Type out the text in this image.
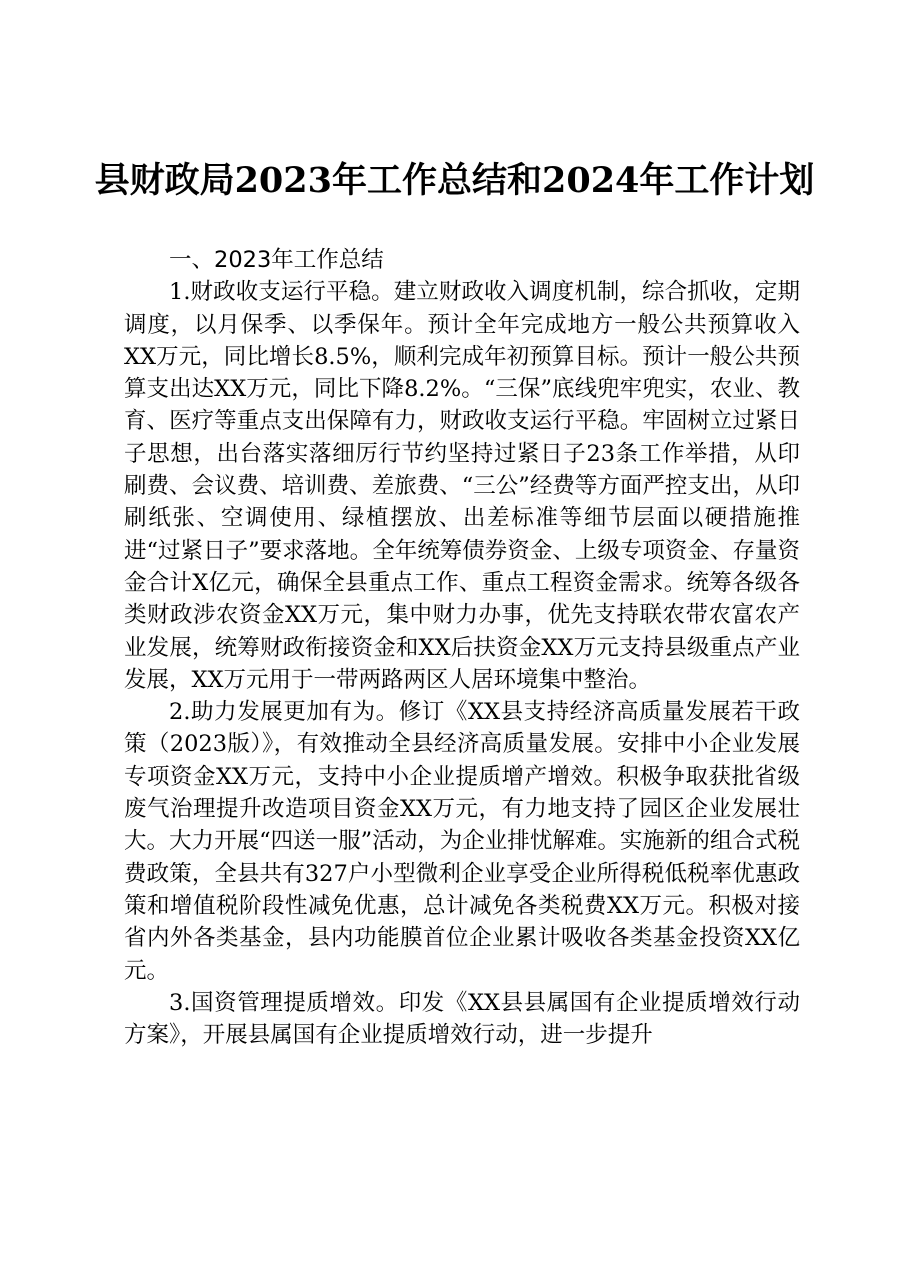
县财政局2023年工作总结和2024年工作计划

一、2023年工作总结

1.财政收支运行平稳。建立财政收入调度机制，综合抓收，定期调度，以月保季、以季保年。预计全年完成地方一般公共预算收入XX万元，同比增长8.5%，顺利完成年初预算目标。预计一般公共预算支出达XX万元，同比下降8.2%。“三保”底线兜牢兜实，农业、教育、医疗等重点支出保障有力，财政收支运行平稳。牢固树立过紧日子思想，出台落实落细厉行节约坚持过紧日子23条工作举措，从印刷费、会议费、培训费、差旅费、“三公”经费等方面严控支出，从印刷纸张、空调使用、绿植摆放、出差标准等细节层面以硬措施推进“过紧日子”要求落地。全年统筹债券资金、上级专项资金、存量资金合计X亿元，确保全县重点工作、重点工程资金需求。统筹各级各类财政涉农资金XX万元，集中财力办事，优先支持联农带农富农产业发展，统筹财政衔接资金和XX后扶资金XX万元支持县级重点产业发展，XX万元用于一带两路两区人居环境集中整治。

2.助力发展更加有为。修订《XX县支持经济高质量发展若干政策（2023版）》，有效推动全县经济高质量发展。安排中小企业发展专项资金XX万元，支持中小企业提质增产增效。积极争取获批省级废气治理提升改造项目资金XX万元，有力地支持了园区企业发展壮大。大力开展“四送一服”活动，为企业排忧解难。实施新的组合式税费政策，全县共有327户小型微利企业享受企业所得税低税率优惠政策和增值税阶段性减免优惠，总计减免各类税费XX万元。积极对接省内外各类基金，县内功能膜首位企业累计吸收各类基金投资XX亿元。

3.国资管理提质增效。印发《XX县县属国有企业提质增效行动方案》，开展县属国有企业提质增效行动，进一步提升
